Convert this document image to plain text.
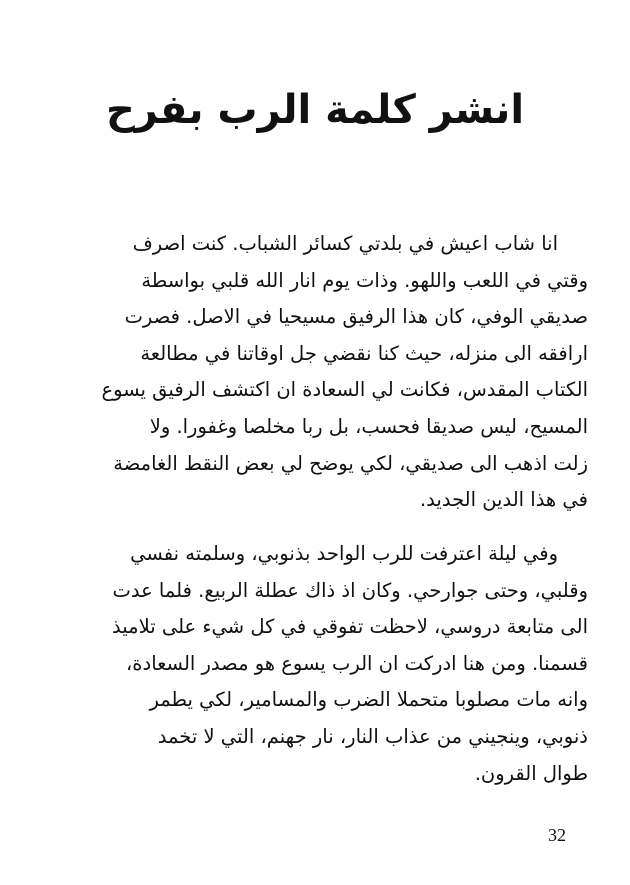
انشر كلمة الرب بفرح
انا شاب اعيش في بلدتي كسائر الشباب. كنت اصرف
وقتي في اللعب واللهو. وذات يوم انار الله قلبي بواسطة
صديقي الوفي، كان هذا الرفيق مسيحيا في الاصل. فصرت
ارافقه الى منزله، حيث كنا نقضي جل اوقاتنا في مطالعة
الكتاب المقدس، فكانت لي السعادة ان اكتشف الرفيق يسوع
المسيح، ليس صديقا فحسب، بل ربا مخلصا وغفورا. ولا
زلت اذهب الى صديقي، لكي يوضح لي بعض النقط الغامضة
في هذا الدين الجديد.
وفي ليلة اعترفت للرب الواحد بذنوبي، وسلمته نفسي
وقلبي، وحتى جوارحي. وكان اذ ذاك عطلة الربيع. فلما عدت
الى متابعة دروسي، لاحظت تفوقي في كل شيء على تلاميذ
قسمنا. ومن هنا ادركت ان الرب يسوع هو مصدر السعادة،
وانه مات مصلوبا متحملا الضرب والمسامير، لكي يطمر
ذنوبي، وينجيني من عذاب النار، نار جهنم، التي لا تخمد
طوال القرون.
32
